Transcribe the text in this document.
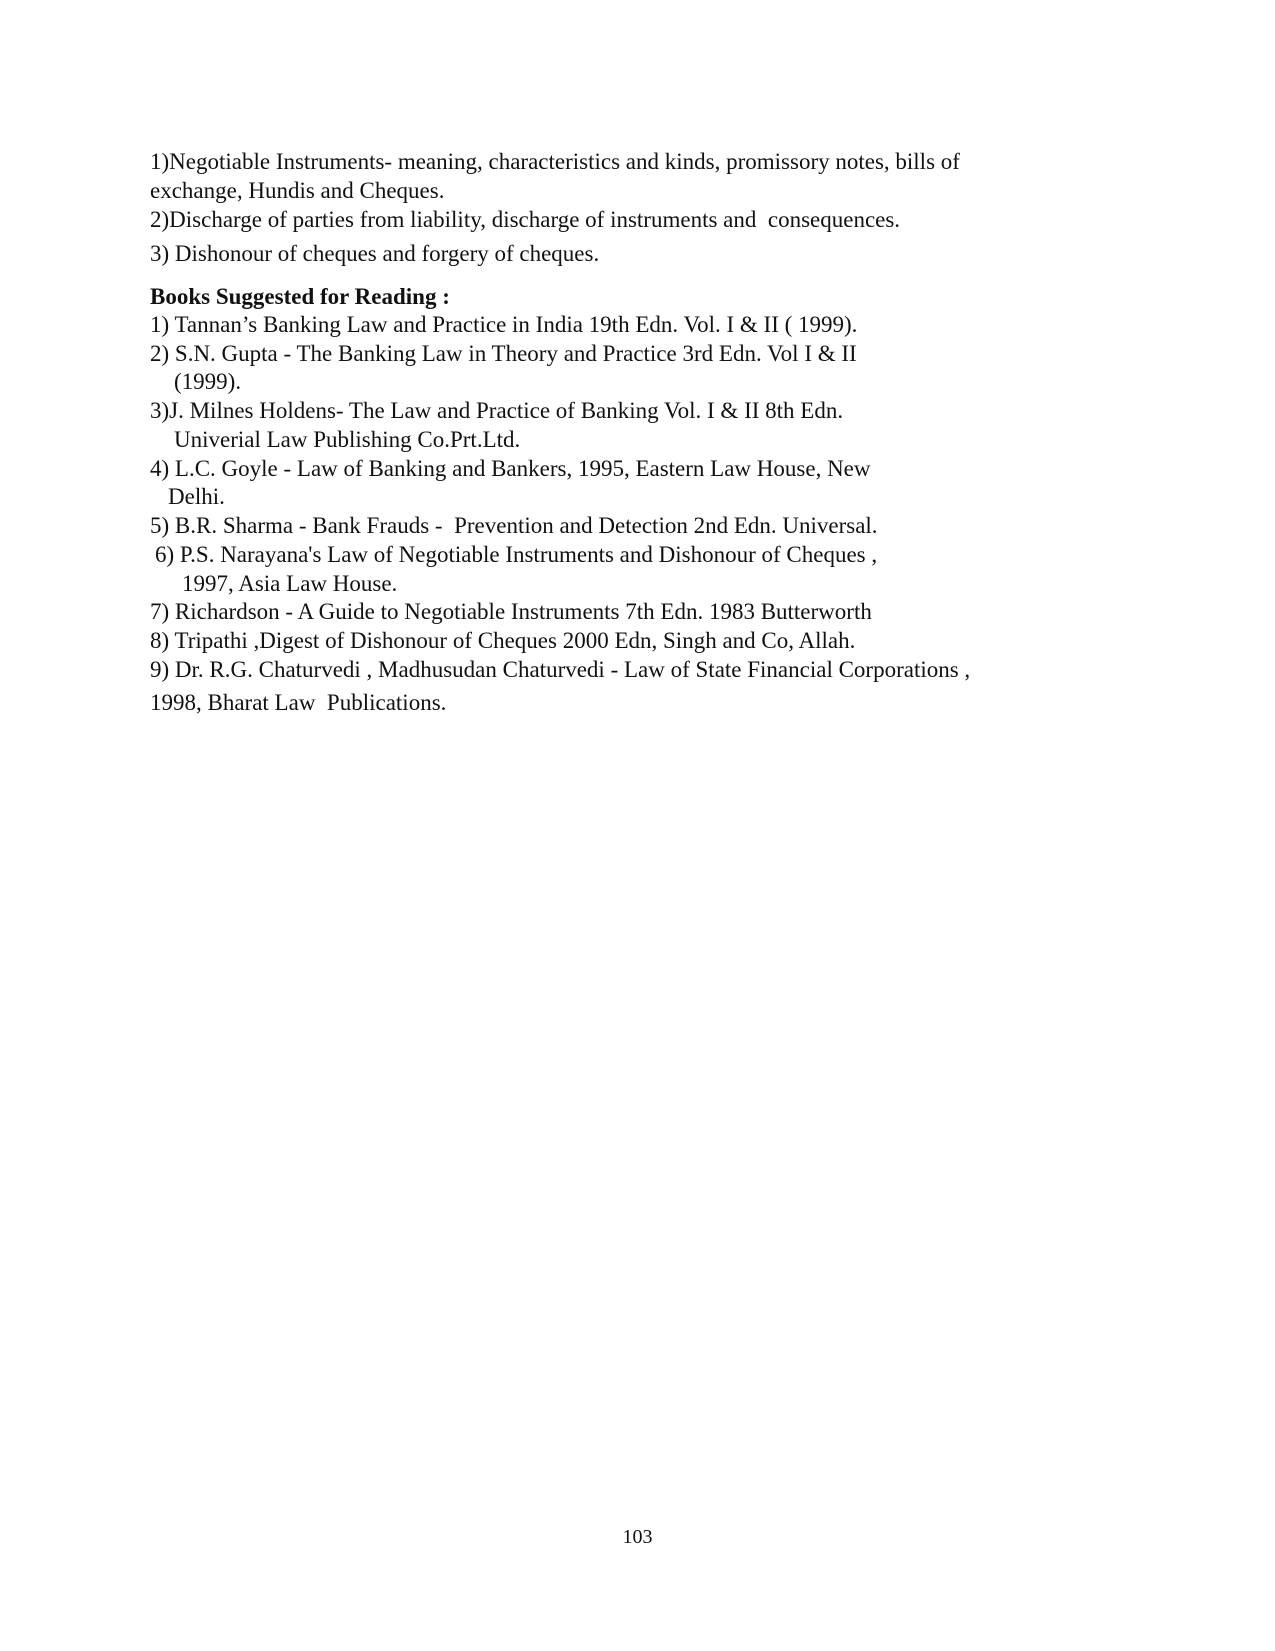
1)Negotiable Instruments- meaning, characteristics and kinds, promissory notes, bills of
exchange, Hundis and Cheques.
2)Discharge of parties from liability, discharge of instruments and  consequences.
3) Dishonour of cheques and forgery of cheques.
Books Suggested for Reading :
1) Tannan’s Banking Law and Practice in India 19th Edn. Vol. I & II ( 1999).
2) S.N. Gupta - The Banking Law in Theory and Practice 3rd Edn. Vol I & II
(1999).
3)J. Milnes Holdens- The Law and Practice of Banking Vol. I & II 8th Edn.
Univerial Law Publishing Co.Prt.Ltd.
4) L.C. Goyle - Law of Banking and Bankers, 1995, Eastern Law House, New
Delhi.
5) B.R. Sharma - Bank Frauds -  Prevention and Detection 2nd Edn. Universal.
6) P.S. Narayana's Law of Negotiable Instruments and Dishonour of Cheques ,
1997, Asia Law House.
7) Richardson - A Guide to Negotiable Instruments 7th Edn. 1983 Butterworth
8) Tripathi ,Digest of Dishonour of Cheques 2000 Edn, Singh and Co, Allah.
9) Dr. R.G. Chaturvedi , Madhusudan Chaturvedi - Law of State Financial Corporations ,
1998, Bharat Law  Publications.
103
